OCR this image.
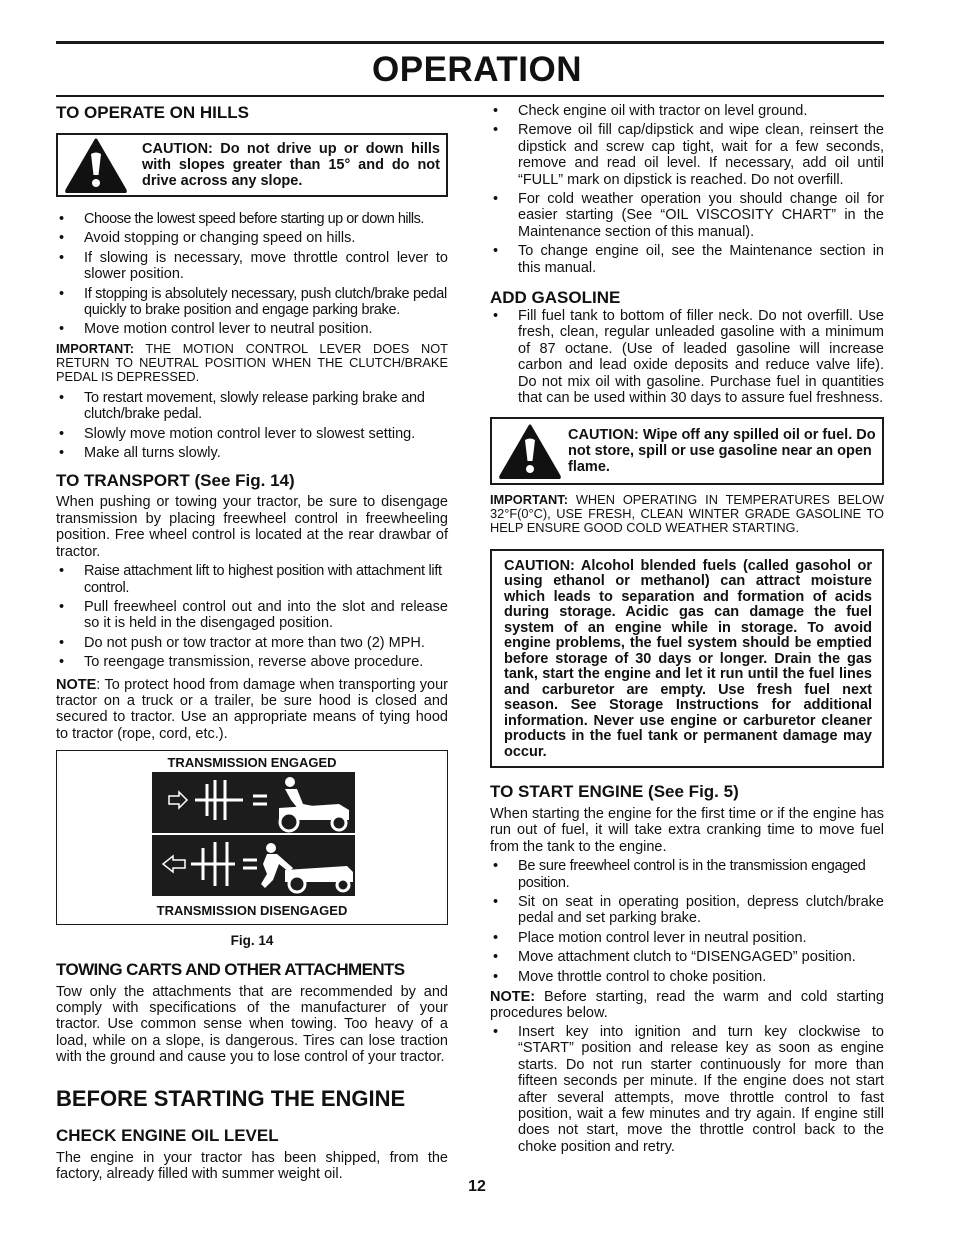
OPERATION
TO OPERATE ON HILLS
CAUTION: Do not drive up or down hills with slopes greater than 15° and do not drive across any slope.
• Choose the lowest speed before starting up or down hills.
• Avoid stopping or changing speed on hills.
• If slowing is necessary, move throttle control lever to slower position.
• If stopping is absolutely necessary, push clutch/brake pedal quickly to brake position and engage parking brake.
• Move motion control lever to neutral position.

IMPORTANT: THE MOTION CONTROL LEVER DOES NOT RETURN TO NEUTRAL POSITION WHEN THE CLUTCH/BRAKE PEDAL IS DEPRESSED.

• To restart movement, slowly release parking brake and clutch/brake pedal.
• Slowly move motion control lever to slowest setting.
• Make all turns slowly.
TO TRANSPORT (See Fig. 14)

When pushing or towing your tractor, be sure to disengage transmission by placing freewheel control in freewheeling position. Free wheel control is located at the rear drawbar of tractor.

• Raise attachment lift to highest position with attachment lift control.
• Pull freewheel control out and into the slot and release so it is held in the disengaged position.
• Do not push or tow tractor at more than two (2) MPH.
• To reengage transmission, reverse above procedure.

NOTE: To protect hood from damage when transporting your tractor on a truck or a trailer, be sure hood is closed and secured to tractor. Use an appropriate means of tying hood to tractor (rope, cord, etc.).

TRANSMISSION ENGAGED
TRANSMISSION DISENGAGED
Fig. 14
TOWING CARTS AND OTHER ATTACHMENTS

Tow only the attachments that are recommended by and comply with specifications of the manufacturer of your tractor. Use common sense when towing. Too heavy of a load, while on a slope, is dangerous. Tires can lose traction with the ground and cause you to lose control of your tractor.

BEFORE STARTING THE ENGINE
CHECK ENGINE OIL LEVEL

The engine in your tractor has been shipped, from the factory, already filled with summer weight oil.

• Check engine oil with tractor on level ground.
• Remove oil fill cap/dipstick and wipe clean, reinsert the dipstick and screw cap tight, wait for a few seconds, remove and read oil level. If necessary, add oil until “FULL” mark on dipstick is reached. Do not overfill.
• For cold weather operation you should change oil for easier starting (See “OIL VISCOSITY CHART” in the Maintenance section of this manual).
• To change engine oil, see the Maintenance section in this manual.
ADD GASOLINE
• Fill fuel tank to bottom of filler neck. Do not overfill. Use fresh, clean, regular unleaded gasoline with a minimum of 87 octane. (Use of leaded gasoline will increase carbon and lead oxide deposits and reduce valve life). Do not mix oil with gasoline. Purchase fuel in quantities that can be used within 30 days to assure fuel freshness.
CAUTION: Wipe off any spilled oil or fuel. Do not store, spill or use gasoline near an open flame.

IMPORTANT: WHEN OPERATING IN TEMPERATURES BELOW 32°F(0°C), USE FRESH, CLEAN WINTER GRADE GASOLINE TO HELP ENSURE GOOD COLD WEATHER STARTING.

CAUTION: Alcohol blended fuels (called gasohol or using ethanol or methanol) can attract moisture which leads to separation and formation of acids during storage. Acidic gas can damage the fuel system of an engine while in storage. To avoid engine problems, the fuel system should be emptied before storage of 30 days or longer. Drain the gas tank, start the engine and let it run until the fuel lines and carburetor are empty. Use fresh fuel next season. See Storage Instructions for additional information. Never use engine or carburetor cleaner products in the fuel tank or permanent damage may occur.
TO START ENGINE (See Fig. 5)

When starting the engine for the first time or if the engine has run out of fuel, it will take extra cranking time to move fuel from the tank to the engine.

• Be sure freewheel control is in the transmission engaged position.
• Sit on seat in operating position, depress clutch/brake pedal and set parking brake.
• Place motion control lever in neutral position.
• Move attachment clutch to “DISENGAGED” position.
• Move throttle control to choke position.

NOTE: Before starting, read the warm and cold starting procedures below.

• Insert key into ignition and turn key clockwise to “START” position and release key as soon as engine starts. Do not run starter continuously for more than fifteen seconds per minute. If the engine does not start after several attempts, move throttle control to fast position, wait a few minutes and try again. If engine still does not start, move the throttle control back to the choke position and retry.
12
